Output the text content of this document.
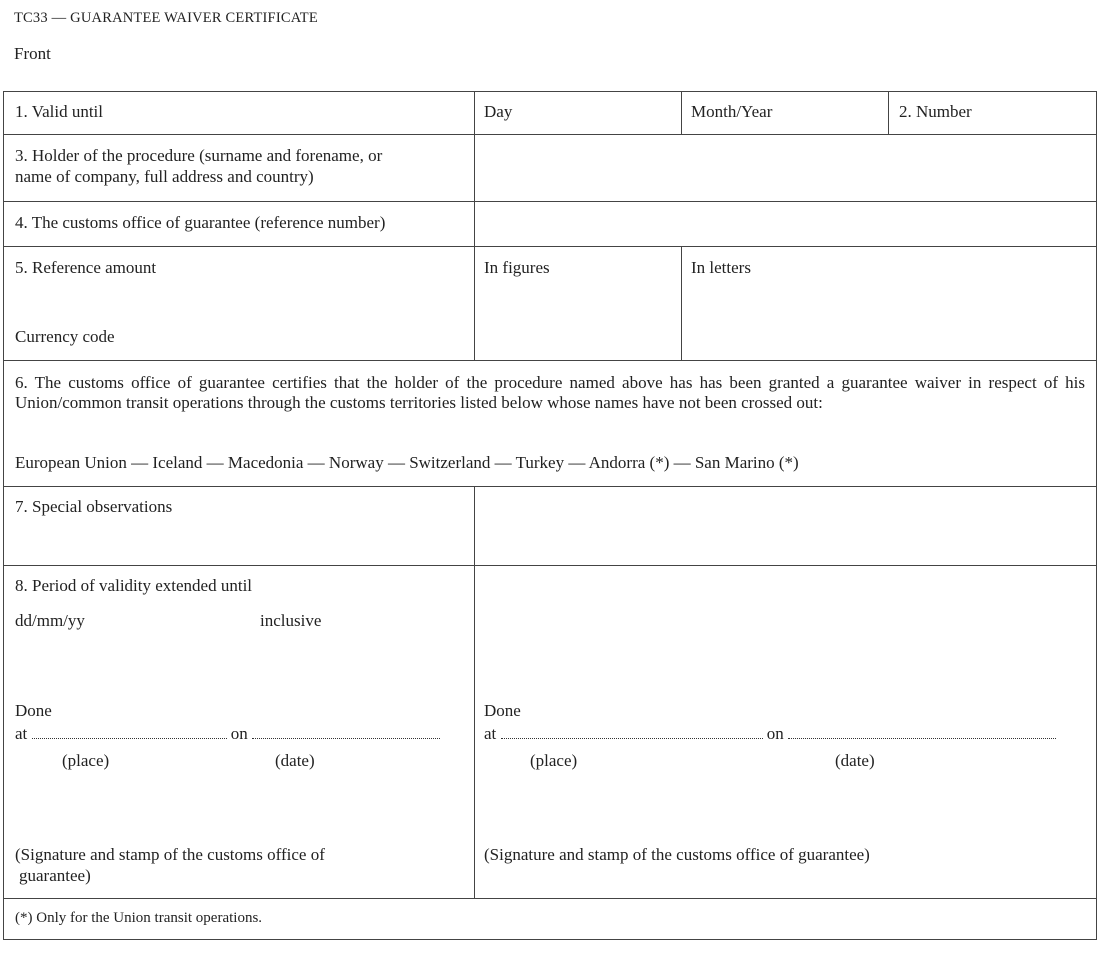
TC33 — GUARANTEE WAIVER CERTIFICATE
Front
1. Valid until	Day	Month/Year	2. Number
3. Holder of the procedure (surname and forename, or
name of company, full address and country)
4. The customs office of guarantee (reference number)
5. Reference amount
Currency code
In figures	In letters
6. The customs office of guarantee certifies that the holder of the procedure named above has has been granted a guarantee waiver in respect of his Union/common transit operations through the customs territories listed below whose names have not been crossed out:
European Union — Iceland — Macedonia — Norway — Switzerland — Turkey — Andorra (*) — San Marino (*)
7. Special observations
8. Period of validity extended until
dd/mm/yy	inclusive
Done
at	on
(place)	(date)
(Signature and stamp of the customs office of
guarantee)
Done
at	on
(place)	(date)
(Signature and stamp of the customs office of guarantee)
(*) Only for the Union transit operations.
